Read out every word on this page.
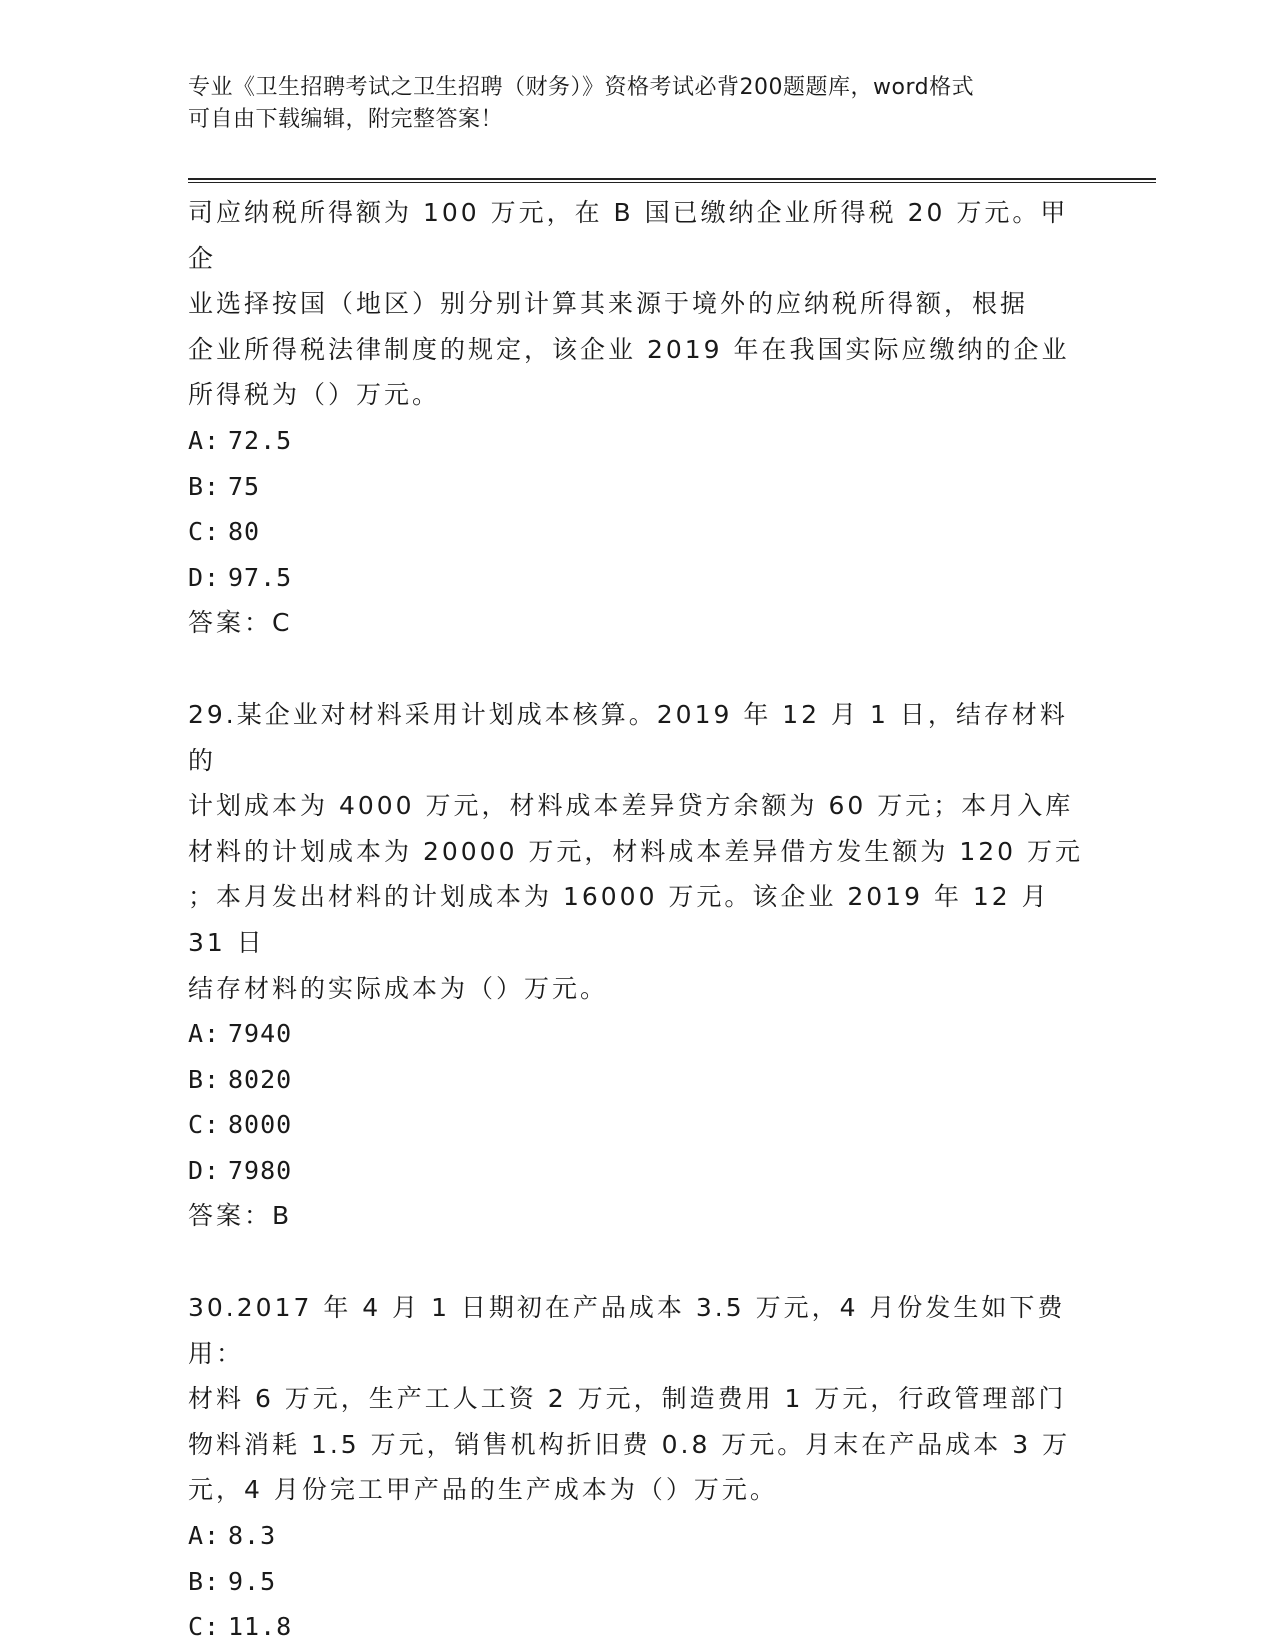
专业《卫生招聘考试之卫生招聘（财务）》资格考试必背200题题库，word格式
可自由下载编辑，附完整答案！

司应纳税所得额为 100 万元，在 B 国已缴纳企业所得税 20 万元。甲企

业选择按国（地区）别分别计算其来源于境外的应纳税所得额，根据

企业所得税法律制度的规定，该企业 2019 年在我国实际应缴纳的企业

所得税为（）万元。

A: 72.5

B: 75

C: 80

D: 97.5

答案：C

29.某企业对材料采用计划成本核算。2019 年 12 月 1 日，结存材料的

计划成本为 4000 万元，材料成本差异贷方余额为 60 万元；本月入库

材料的计划成本为 20000 万元，材料成本差异借方发生额为 120 万元

；本月发出材料的计划成本为 16000 万元。该企业 2019 年 12 月 31 日

结存材料的实际成本为（）万元。

A: 7940

B: 8020

C: 8000

D: 7980

答案：B

30.2017 年 4 月 1 日期初在产品成本 3.5 万元，4 月份发生如下费用：

材料 6 万元，生产工人工资 2 万元，制造费用 1 万元，行政管理部门

物料消耗 1.5 万元，销售机构折旧费 0.8 万元。月末在产品成本 3 万

元，4 月份完工甲产品的生产成本为（）万元。

A: 8.3

B: 9.5

C: 11.8
